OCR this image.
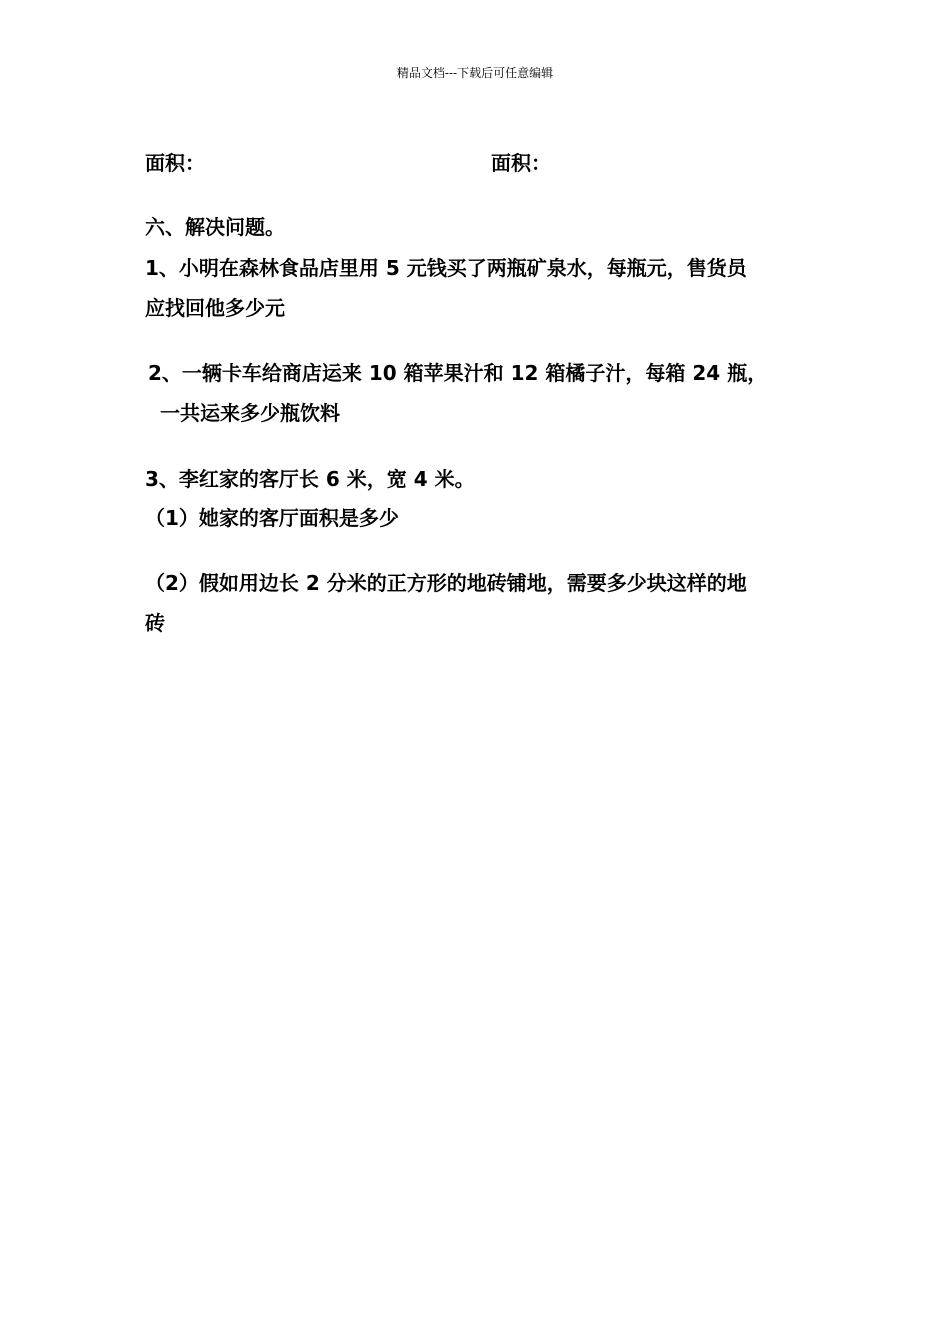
精品文档---下载后可任意编辑
面积：	面积：
六、解决问题。
1、小明在森林食品店里用 5 元钱买了两瓶矿泉水，每瓶元，售货员
应找回他多少元
2、一辆卡车给商店运来 10 箱苹果汁和 12 箱橘子汁，每箱 24 瓶，
一共运来多少瓶饮料
3、李红家的客厅长 6 米，宽 4 米。
（1）她家的客厅面积是多少
（2）假如用边长 2 分米的正方形的地砖铺地，需要多少块这样的地
砖
